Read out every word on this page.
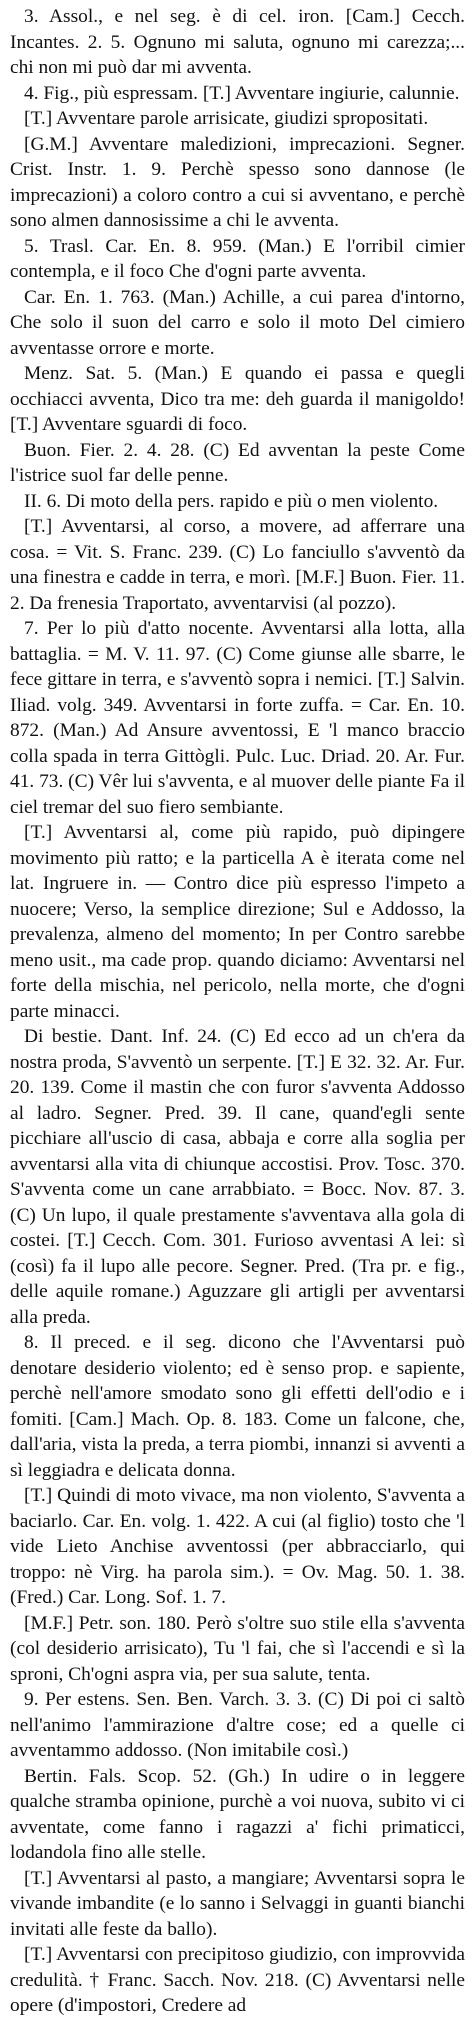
3. Assol., e nel seg. è di cel. iron. [Cam.] Cecch. Incantes. 2. 5. Ognuno mi saluta, ognuno mi carezza;... chi non mi può dar mi avventa.

4. Fig., più espressam. [T.] Avventare ingiurie, calunnie.

[T.] Avventare parole arrisicate, giudizi spropositati.

[G.M.] Avventare maledizioni, imprecazioni. Segner. Crist. Instr. 1. 9. Perchè spesso sono dannose (le imprecazioni) a coloro contro a cui si avventano, e perchè sono almen dannosissime a chi le avventa.

5. Trasl. Car. En. 8. 959. (Man.) E l'orribil cimier contempla, e il foco Che d'ogni parte avventa.

Car. En. 1. 763. (Man.) Achille, a cui parea d'intorno, Che solo il suon del carro e solo il moto Del cimiero avventasse orrore e morte.

Menz. Sat. 5. (Man.) E quando ei passa e quegli occhiacci avventa, Dico tra me: deh guarda il manigoldo! [T.] Avventare sguardi di foco.

Buon. Fier. 2. 4. 28. (C) Ed avventan la peste Come l'istrice suol far delle penne.

II. 6. Di moto della pers. rapido e più o men violento.

[T.] Avventarsi, al corso, a movere, ad afferrare una cosa. = Vit. S. Franc. 239. (C) Lo fanciullo s'avventò da una finestra e cadde in terra, e morì. [M.F.] Buon. Fier. 11. 2. Da frenesia Traportato, avventarvisi (al pozzo).

7. Per lo più d'atto nocente. Avventarsi alla lotta, alla battaglia. = M. V. 11. 97. (C) Come giunse alle sbarre, le fece gittare in terra, e s'avventò sopra i nemici. [T.] Salvin. Iliad. volg. 349. Avventarsi in forte zuffa. = Car. En. 10. 872. (Man.) Ad Ansure avventossi, E 'l manco braccio colla spada in terra Gittògli. Pulc. Luc. Driad. 20. Ar. Fur. 41. 73. (C) Vêr lui s'avventa, e al muover delle piante Fa il ciel tremar del suo fiero sembiante.

[T.] Avventarsi al, come più rapido, può dipingere movimento più ratto; e la particella A è iterata come nel lat. Ingruere in. — Contro dice più espresso l'impeto a nuocere; Verso, la semplice direzione; Sul e Addosso, la prevalenza, almeno del momento; In per Contro sarebbe meno usit., ma cade prop. quando diciamo: Avventarsi nel forte della mischia, nel pericolo, nella morte, che d'ogni parte minacci.

Di bestie. Dant. Inf. 24. (C) Ed ecco ad un ch'era da nostra proda, S'avventò un serpente. [T.] E 32. 32. Ar. Fur. 20. 139. Come il mastin che con furor s'avventa Addosso al ladro. Segner. Pred. 39. Il cane, quand'egli sente picchiare all'uscio di casa, abbaja e corre alla soglia per avventarsi alla vita di chiunque accostisi. Prov. Tosc. 370. S'avventa come un cane arrabbiato. = Bocc. Nov. 87. 3. (C) Un lupo, il quale prestamente s'avventava alla gola di costei. [T.] Cecch. Com. 301. Furioso avventasi A lei: sì (così) fa il lupo alle pecore. Segner. Pred. (Tra pr. e fig., delle aquile romane.) Aguzzare gli artigli per avventarsi alla preda.

8. Il preced. e il seg. dicono che l'Avventarsi può denotare desiderio violento; ed è senso prop. e sapiente, perchè nell'amore smodato sono gli effetti dell'odio e i fomiti. [Cam.] Mach. Op. 8. 183. Come un falcone, che, dall'aria, vista la preda, a terra piombi, innanzi si avventi a sì leggiadra e delicata donna.

[T.] Quindi di moto vivace, ma non violento, S'avventa a baciarlo. Car. En. volg. 1. 422. A cui (al figlio) tosto che 'l vide Lieto Anchise avventossi (per abbracciarlo, qui troppo: nè Virg. ha parola sim.). = Ov. Mag. 50. 1. 38. (Fred.) Car. Long. Sof. 1. 7.

[M.F.] Petr. son. 180. Però s'oltre suo stile ella s'avventa (col desiderio arrisicato), Tu 'l fai, che sì l'accendi e sì la sproni, Ch'ogni aspra via, per sua salute, tenta.

9. Per estens. Sen. Ben. Varch. 3. 3. (C) Di poi ci saltò nell'animo l'ammirazione d'altre cose; ed a quelle ci avventammo addosso. (Non imitabile così.)

Bertin. Fals. Scop. 52. (Gh.) In udire o in leggere qualche stramba opinione, purchè a voi nuova, subito vi ci avventate, come fanno i ragazzi a' fichi primaticci, lodandola fino alle stelle.

[T.] Avventarsi al pasto, a mangiare; Avventarsi sopra le vivande imbandite (e lo sanno i Selvaggi in guanti bianchi invitati alle feste da ballo).

[T.] Avventarsi con precipitoso giudizio, con improvvida credulità. † Franc. Sacch. Nov. 218. (C) Avventarsi nelle opere (d'impostori, Credere ad
